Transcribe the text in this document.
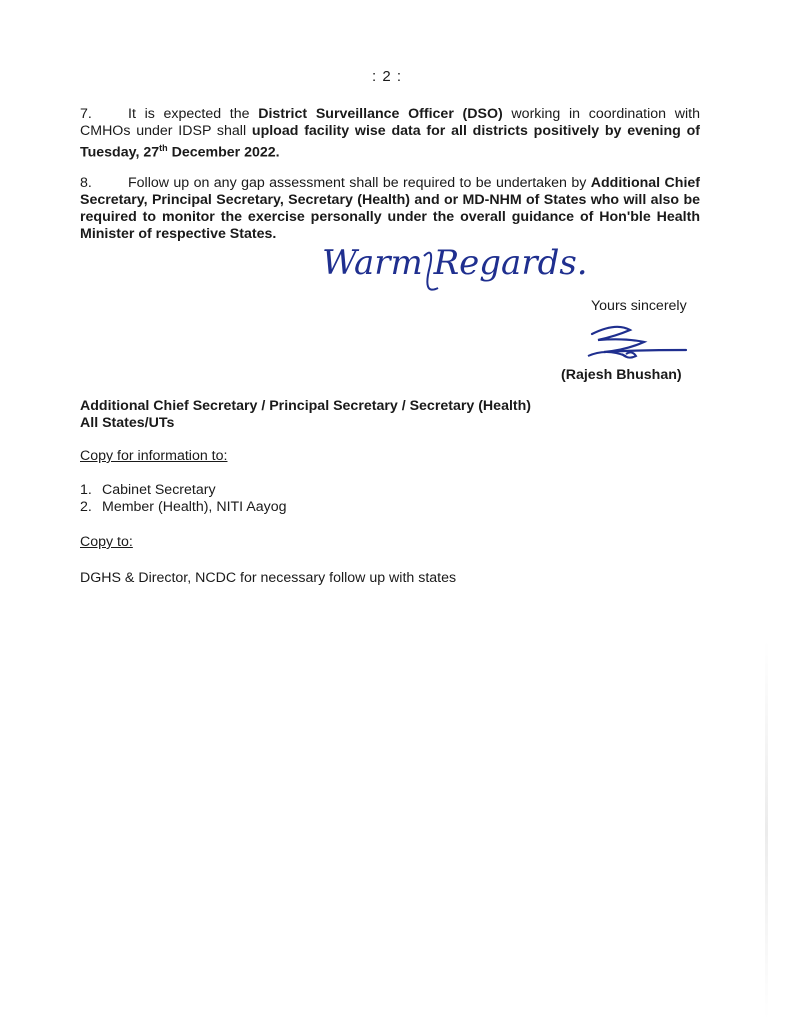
: 2 :
7.	It is expected the District Surveillance Officer (DSO) working in coordination with CMHOs under IDSP shall upload facility wise data for all districts positively by evening of Tuesday, 27th December 2022.
8.	Follow up on any gap assessment shall be required to be undertaken by Additional Chief Secretary, Principal Secretary, Secretary (Health) and or MD-NHM of States who will also be required to monitor the exercise personally under the overall guidance of Hon'ble Health Minister of respective States.
Warm Regards.
Yours sincerely
(Rajesh Bhushan)
Additional Chief Secretary / Principal Secretary / Secretary (Health)
All States/UTs
Copy for information to:
1. Cabinet Secretary
2. Member (Health), NITI Aayog
Copy to:
DGHS & Director, NCDC for necessary follow up with states
